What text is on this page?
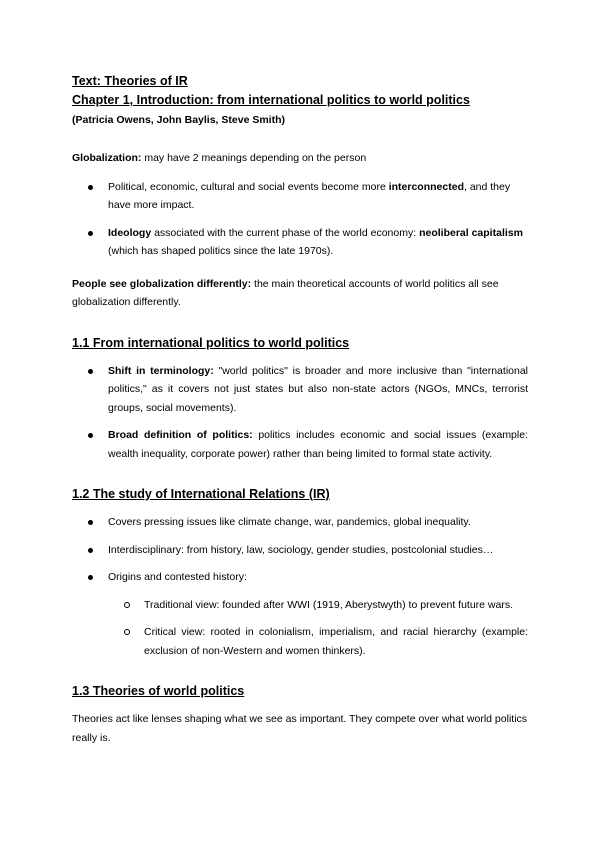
Text: Theories of IR
Chapter 1, Introduction: from international politics to world politics
(Patricia Owens, John Baylis, Steve Smith)

Globalization: may have 2 meanings depending on the person

Political, economic, cultural and social events become more interconnected, and they have more impact.
Ideology associated with the current phase of the world economy: neoliberal capitalism (which has shaped politics since the late 1970s).

People see globalization differently: the main theoretical accounts of world politics all see globalization differently.

1.1 From international politics to world politics
Shift in terminology: "world politics" is broader and more inclusive than "international politics," as it covers not just states but also non-state actors (NGOs, MNCs, terrorist groups, social movements).
Broad definition of politics: politics includes economic and social issues (example: wealth inequality, corporate power) rather than being limited to formal state activity.
1.2 The study of International Relations (IR)
Covers pressing issues like climate change, war, pandemics, global inequality.
Interdisciplinary: from history, law, sociology, gender studies, postcolonial studies…
Origins and contested history:
Traditional view: founded after WWI (1919, Aberystwyth) to prevent future wars.
Critical view: rooted in colonialism, imperialism, and racial hierarchy (example: exclusion of non-Western and women thinkers).
1.3 Theories of world politics

Theories act like lenses shaping what we see as important. They compete over what world politics really is.
